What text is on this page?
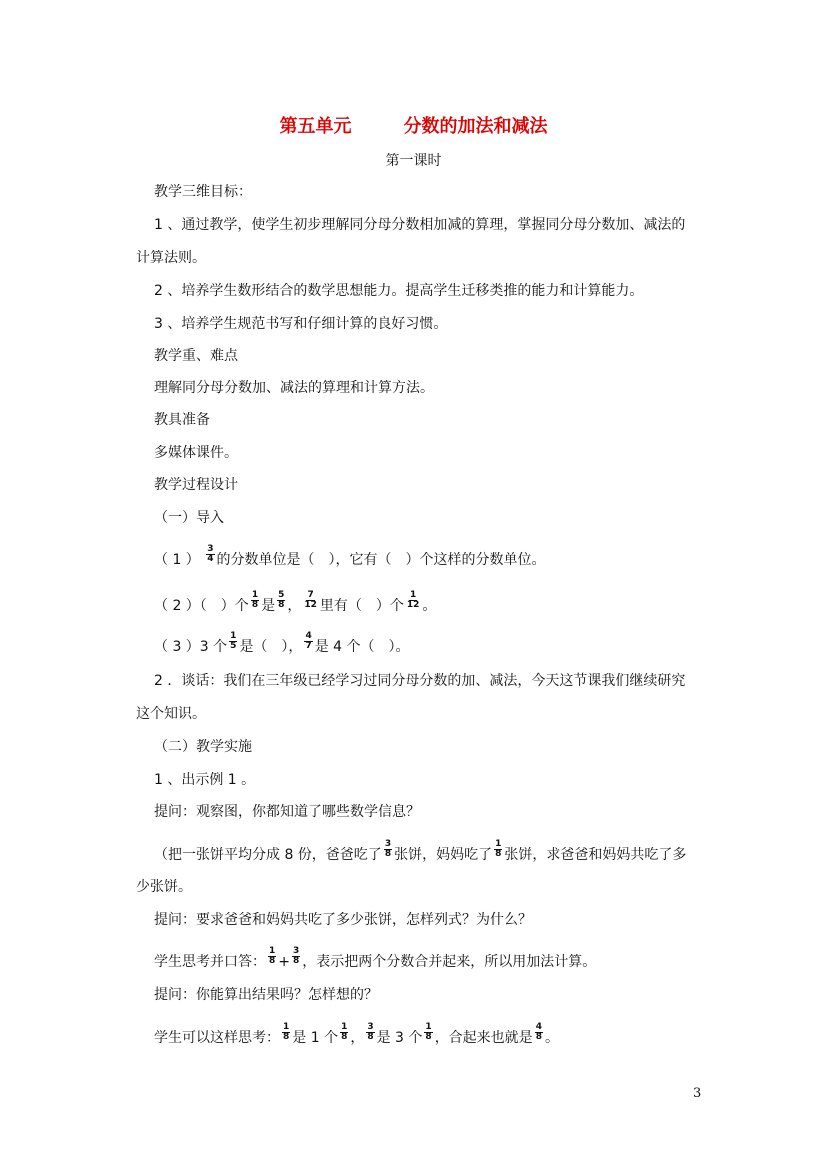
第五单元	分数的加法和减法
第一课时
教学三维目标：
1 、通过教学，使学生初步理解同分母分数相加减的算理，掌握同分母分数加、减法的
计算法则。
2 、培养学生数形结合的数学思想能力。提高学生迁移类推的能力和计算能力。
3 、培养学生规范书写和仔细计算的良好习惯。
教学重、难点
理解同分母分数加、减法的算理和计算方法。
教具准备
多媒体课件。
教学过程设计
（一）导入
（ 1 ） $\frac{3}{4}$ 的分数单位是（　），它有（　）个这样的分数单位。
（ 2 ）（　）个 $\frac{1}{8}$ 是 $\frac{5}{8}$ ， $\frac{7}{12}$ 里有（　）个 $\frac{1}{12}$ 。
（ 3 ）3 个 $\frac{1}{5}$ 是（　）， $\frac{4}{7}$ 是 4 个（　）。
2 ．谈话：我们在三年级已经学习过同分母分数的加、减法，今天这节课我们继续研究
这个知识。
（二）教学实施
1 、出示例 1 。
提问：观察图，你都知道了哪些数学信息？
（把一张饼平均分成 8 份，爸爸吃了 $\frac{3}{8}$ 张饼，妈妈吃了 $\frac{1}{8}$ 张饼，求爸爸和妈妈共吃了多
少张饼。
提问：要求爸爸和妈妈共吃了多少张饼，怎样列式？为什么？
学生思考并口答： $\frac{1}{8} + \frac{3}{8}$ ，表示把两个分数合并起来，所以用加法计算。
提问：你能算出结果吗？怎样想的？
学生可以这样思考： $\frac{1}{8}$ 是 1 个 $\frac{1}{8}$ ， $\frac{3}{8}$ 是 3 个 $\frac{1}{8}$ ，合起来也就是 $\frac{4}{8}$ 。
3
